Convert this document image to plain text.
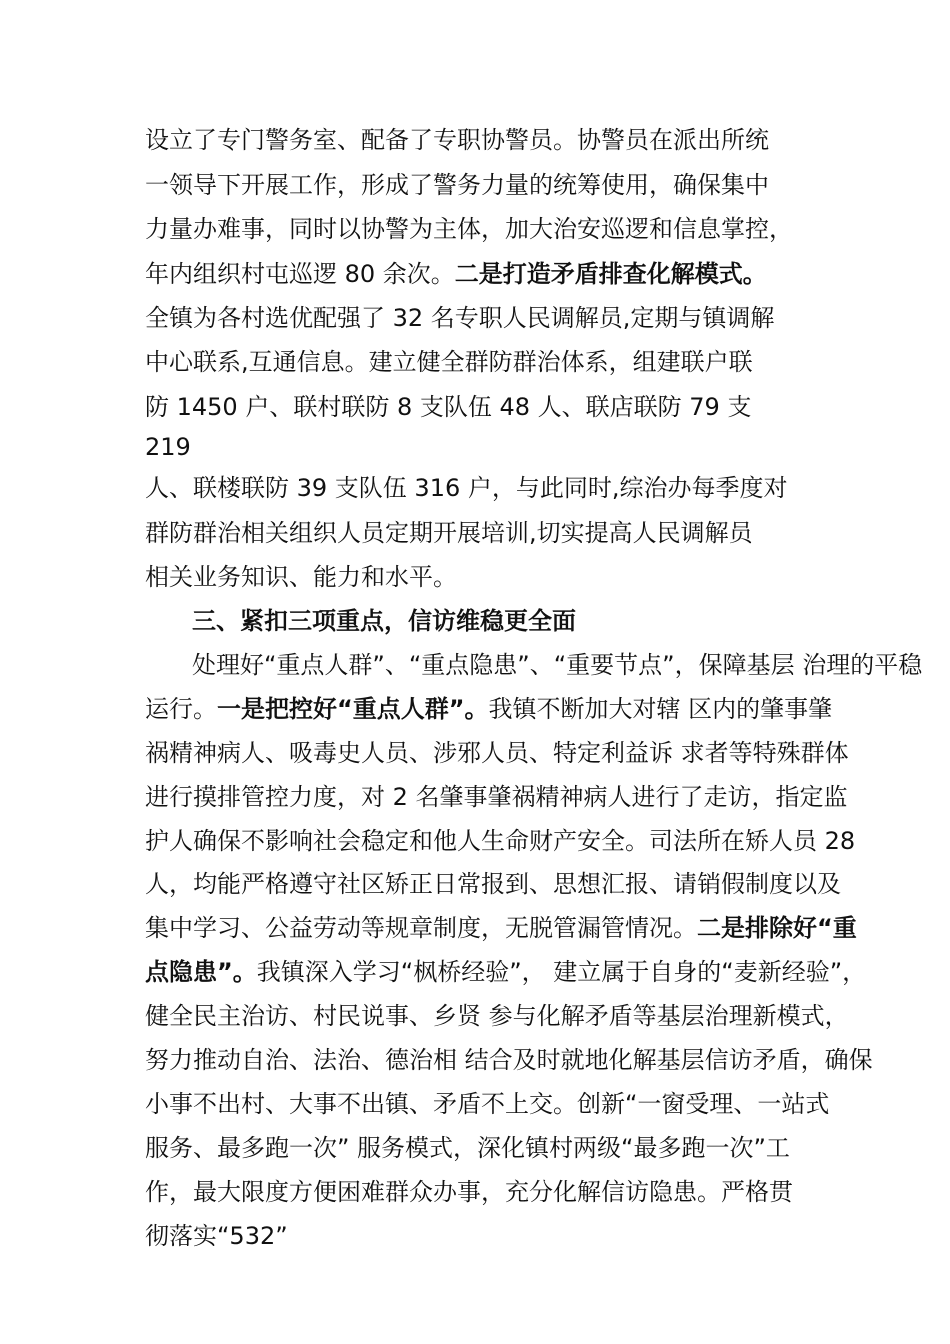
设立了专门警务室、配备了专职协警员。协警员在派出所统
一领导下开展工作，形成了警务力量的统筹使用，确保集中
力量办难事，同时以协警为主体，加大治安巡逻和信息掌控，
年内组织村屯巡逻 80 余次。二是打造矛盾排查化解模式。
全镇为各村选优配强了 32 名专职人民调解员,定期与镇调解
中心联系,互通信息。建立健全群防群治体系，组建联户联
防 1450 户、联村联防 8 支队伍 48 人、联店联防 79 支
219
人、联楼联防 39 支队伍 316 户，与此同时,综治办每季度对
群防群治相关组织人员定期开展培训,切实提高人民调解员
相关业务知识、能力和水平。
三、紧扣三项重点，信访维稳更全面
处理好“重点人群”、“重点隐患”、“重要节点”，保障基层 治理的平稳
运行。一是把控好“重点人群”。我镇不断加大对辖 区内的肇事肇
祸精神病人、吸毒史人员、涉邪人员、特定利益诉 求者等特殊群体
进行摸排管控力度，对 2 名肇事肇祸精神病人进行了走访，指定监
护人确保不影响社会稳定和他人生命财产安全。司法所在矫人员 28
人，均能严格遵守社区矫正日常报到、思想汇报、请销假制度以及
集中学习、公益劳动等规章制度，无脱管漏管情况。二是排除好“重
点隐患”。我镇深入学习“枫桥经验”， 建立属于自身的“麦新经验”，
健全民主治访、村民说事、乡贤 参与化解矛盾等基层治理新模式，
努力推动自治、法治、德治相 结合及时就地化解基层信访矛盾，确保
小事不出村、大事不出镇、矛盾不上交。创新“一窗受理、一站式
服务、最多跑一次” 服务模式，深化镇村两级“最多跑一次”工
作，最大限度方便困难群众办事，充分化解信访隐患。严格贯
彻落实“532”
